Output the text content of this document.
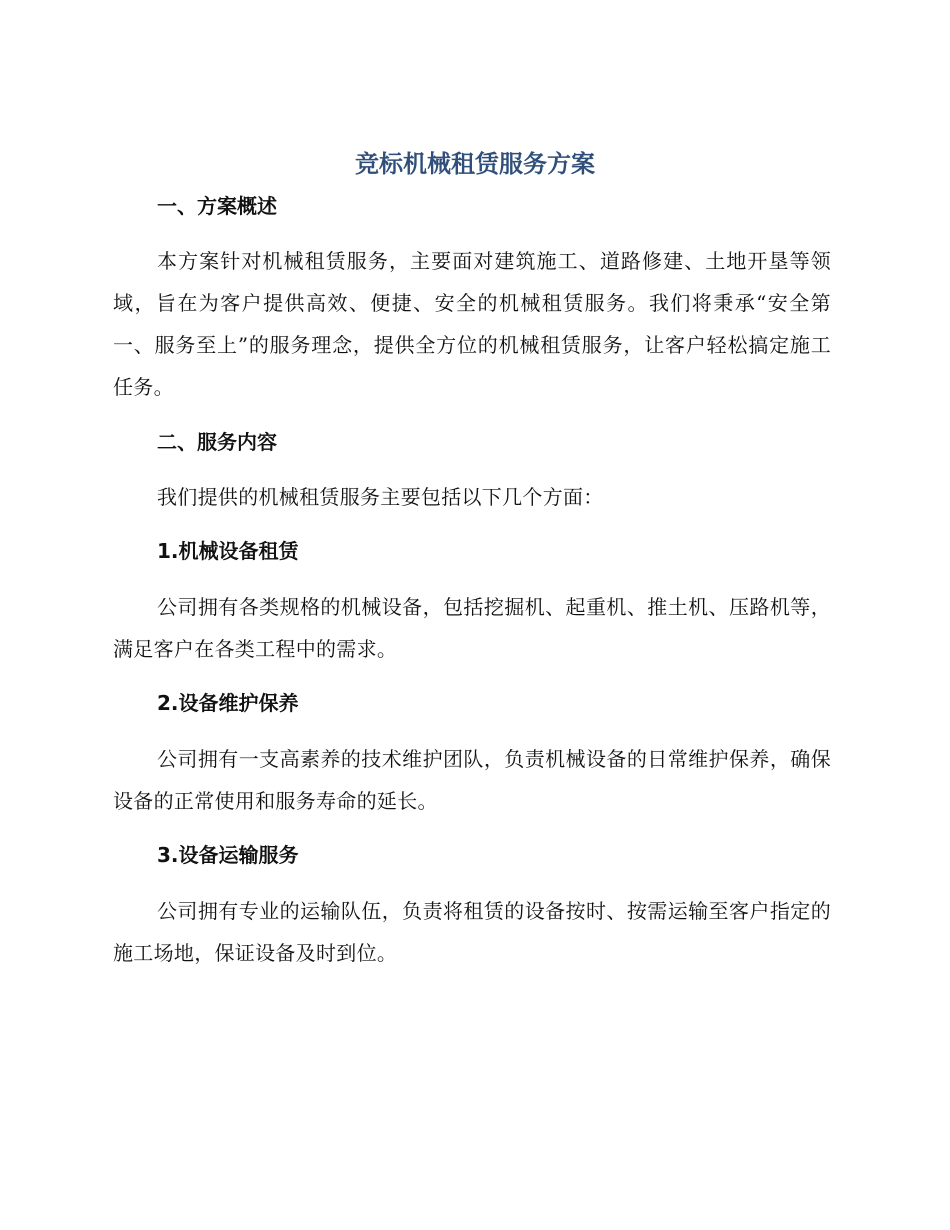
竞标机械租赁服务方案
一、方案概述
本方案针对机械租赁服务，主要面对建筑施工、道路修建、土地开垦等领域，旨在为客户提供高效、便捷、安全的机械租赁服务。我们将秉承“安全第一、服务至上”的服务理念，提供全方位的机械租赁服务，让客户轻松搞定施工任务。
二、服务内容
我们提供的机械租赁服务主要包括以下几个方面：
1.机械设备租赁
公司拥有各类规格的机械设备，包括挖掘机、起重机、推土机、压路机等，满足客户在各类工程中的需求。
2.设备维护保养
公司拥有一支高素养的技术维护团队，负责机械设备的日常维护保养，确保设备的正常使用和服务寿命的延长。
3.设备运输服务
公司拥有专业的运输队伍，负责将租赁的设备按时、按需运输至客户指定的施工场地，保证设备及时到位。
